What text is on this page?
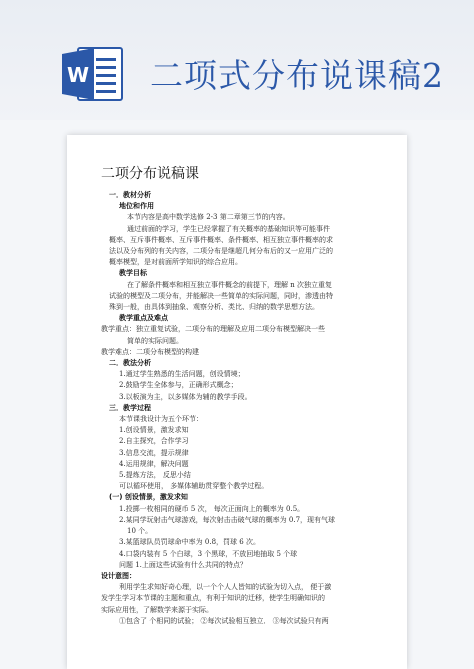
W 二项式分布说课稿2
二项分布说稿课
一．教材分析
地位和作用
本节内容是高中数学选修 2-3 第二章第三节的内容。
通过前面的学习，学生已经掌握了有关概率的基础知识等可能事件
概率、互斥事件概率、互斥事件概率、条件概率、相互独立事件概率的求
法以及分布列的有关内容，二项分布是继超几何分布后的又一应用广泛的
概率模型，是对前面所学知识的综合应用。
教学目标
在了解条件概率和相互独立事件概念的前提下，理解 n 次独立重复
试验的模型及二项分布，并能解决一些简单的实际问题，同时，渗透由特
殊到一般，由具体到抽象、观察分析、类比、归纳的数学思想方法。
教学重点及难点
教学重点：独立重复试验，二项分布的理解及应用二项分布模型解决一些
简单的实际问题。
教学难点：二项分布模型的构建
二．教法分析
1.通过学生熟悉的生活问题，创设情境；
2.鼓励学生全体参与，正确形式概念；
3.以板演为主，以多媒体为辅的教学手段。
三．教学过程
本节课我设计为五个环节：
1.创设情景，激发求知
2.自主探究，合作学习
3.信息交流，提示规律
4.运用规律，解决问题
5.提炼方法， 反思小结
可以循环使用， 多媒体辅助贯穿整个教学过程。
(一) 创设情景，激发求知
1.投掷一枚相同的硬币 5 次， 每次正面向上的概率为 0.5。
2.某同学玩射击气球游戏，每次射击击破气球的概率为 0.7，现有气球
10 个。
3.某篮球队员罚球命中率为 0.8，罚球 6 次。
4.口袋内装有 5 个白球，3 个黑球，不放回地抽取 5 个球
问题 1.上面这些试验有什么共同的特点？
设计意图：
利用学生求知好奇心理，以一个个人人皆知的试验为切入点， 便于激
发学生学习本节课的主题和重点，有利于知识的迁移，使学生明确知识的
实际应用性，了解数学来源于实际。
①包含了 个相同的试验； ②每次试验相互独立． ③每次试验只有两
